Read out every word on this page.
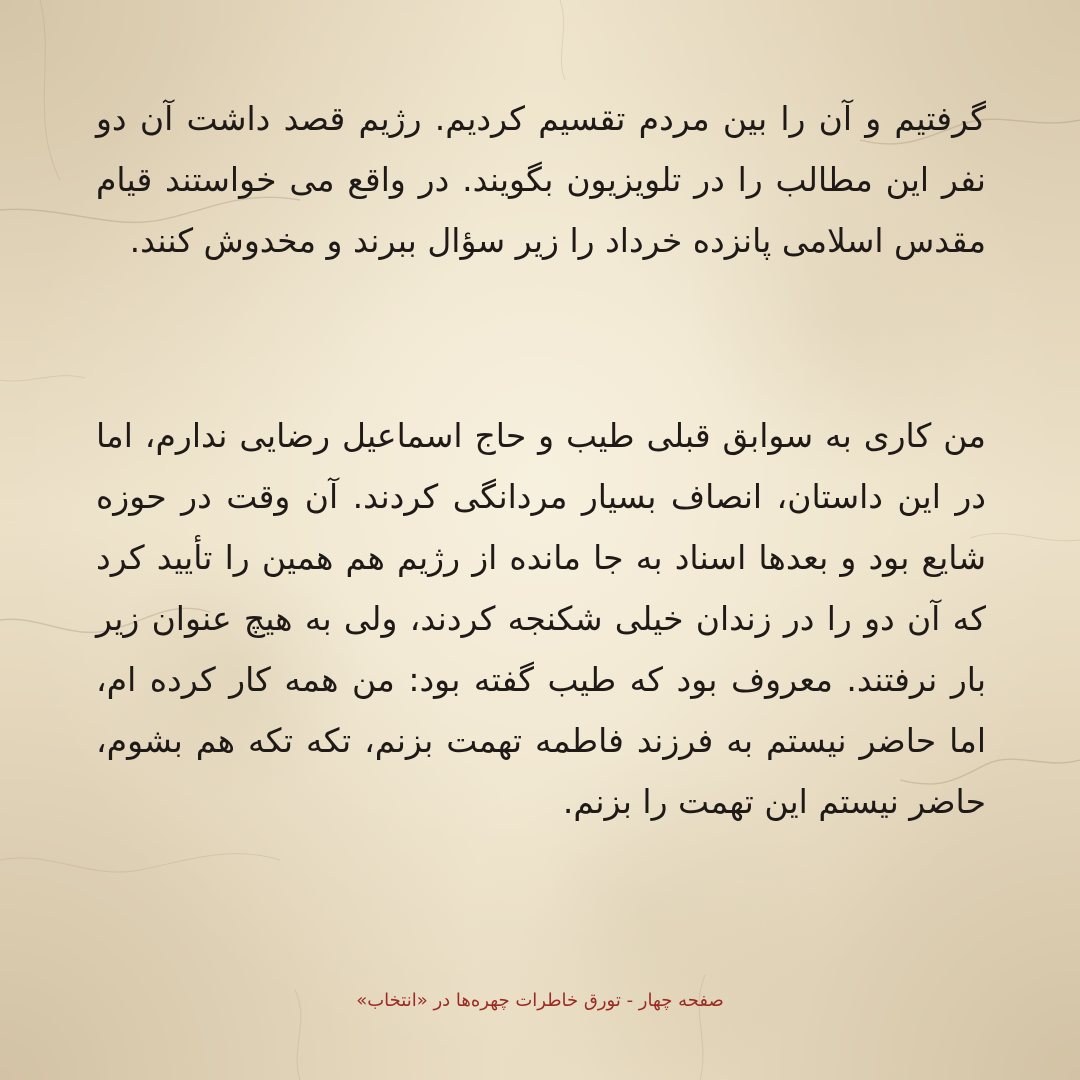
گرفتیم و آن را بین مردم تقسیم کردیم. رژیم قصد داشت آن دو نفر این مطالب را در تلویزیون بگویند. در واقع می خواستند قیام مقدس اسلامی پانزده خرداد را زیر سؤال ببرند و مخدوش کنند.

من کاری به سوابق قبلی طیب و حاج اسماعیل رضایی ندارم، اما در این داستان، انصاف بسیار مردانگی کردند. آن وقت در حوزه شایع بود و بعدها اسناد به جا مانده از رژیم هم همین را تأیید کرد که آن دو را در زندان خیلی شکنجه کردند، ولی به هیچ عنوان زیر بار نرفتند. معروف بود که طیب گفته بود: من همه کار کرده ام، اما حاضر نیستم به فرزند فاطمه تهمت بزنم، تکه تکه هم بشوم، حاضر نیستم این تهمت را بزنم.

صفحه چهار - تورق خاطرات چهره‌ها در «انتخاب»
